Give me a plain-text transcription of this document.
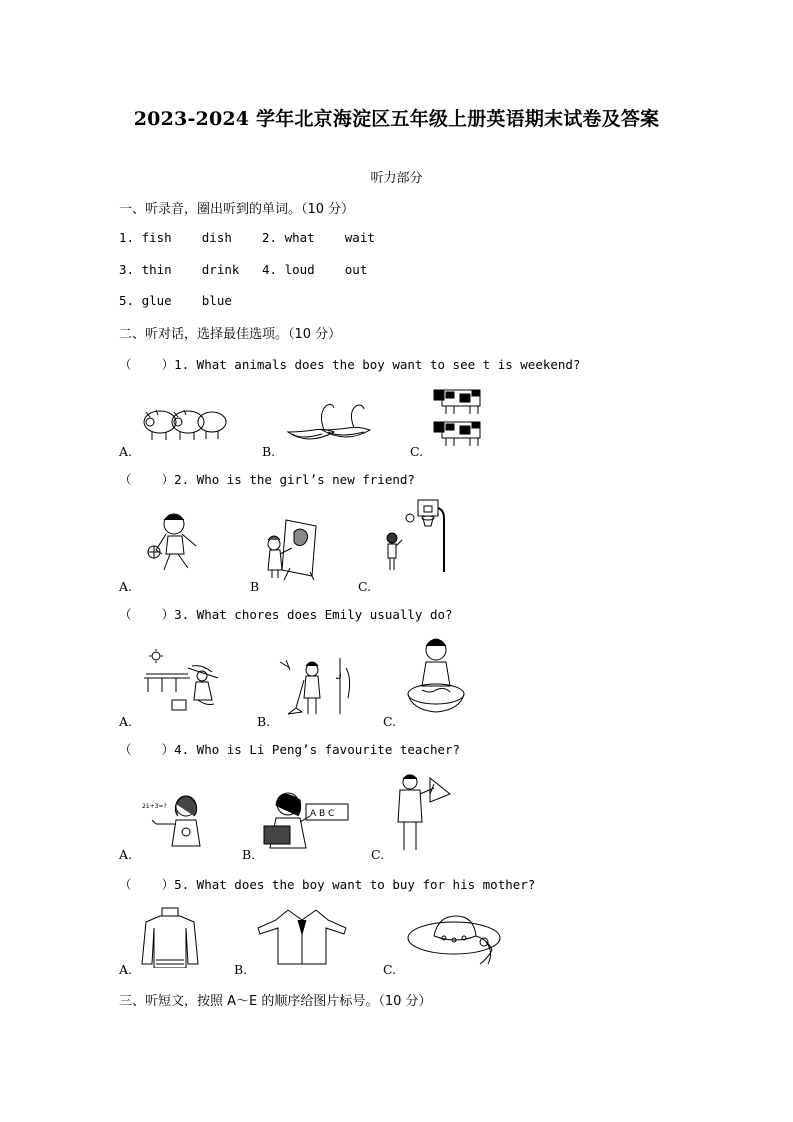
2023-2024 学年北京海淀区五年级上册英语期末试卷及答案
听力部分
一、听录音，圈出听到的单词。（10 分）
1. fish    dish    2. what    wait
3. thin    drink   4. loud    out
5. glue    blue
二、听对话，选择最佳选项。（10 分）
（    ）1. What animals does the boy want to see t is weekend?
A.	B.	C.
（    ）2. Who is the girl’s new friend?
A.	B	C.
（    ）3. What chores does Emily usually do?
A.	B.	C.
（    ）4. Who is Li Peng’s favourite teacher?
21+3=?
A.
A B C
B.	C.
（    ）5. What does the boy want to buy for his mother?
A.	B.	C.
三、听短文，按照 A～E 的顺序给图片标号。（10 分）
